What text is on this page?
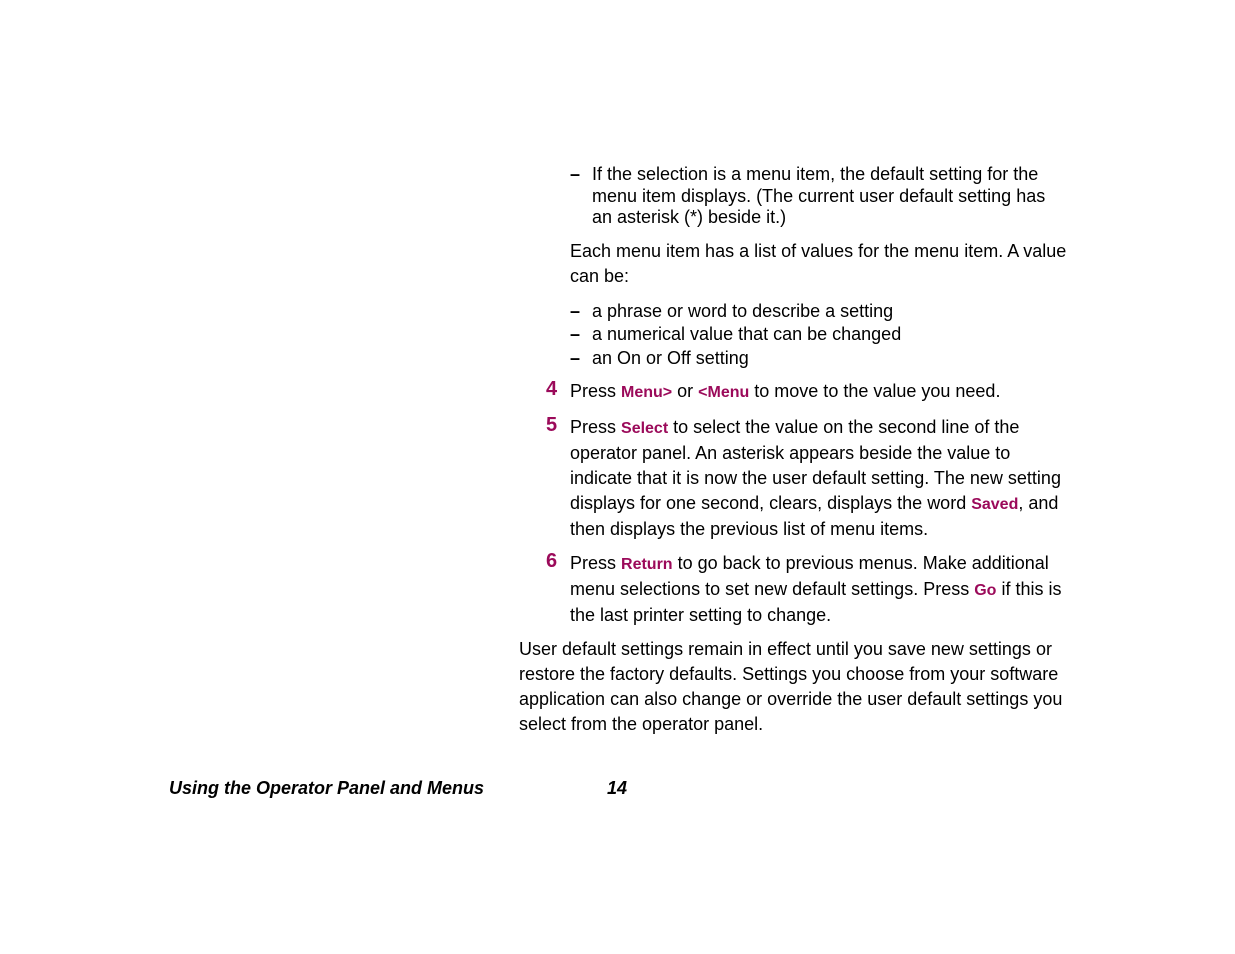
– If the selection is a menu item, the default setting for the
menu item displays. (The current user default setting has
an asterisk (*) beside it.)
Each menu item has a list of values for the menu item. A value
can be:
– a phrase or word to describe a setting
– a numerical value that can be changed
– an On or Off setting
4 Press Menu> or <Menu to move to the value you need.
5 Press Select to select the value on the second line of the
operator panel. An asterisk appears beside the value to
indicate that it is now the user default setting. The new setting
displays for one second, clears, displays the word Saved, and
then displays the previous list of menu items.
6 Press Return to go back to previous menus. Make additional
menu selections to set new default settings. Press Go if this is
the last printer setting to change.
User default settings remain in effect until you save new settings or
restore the factory defaults. Settings you choose from your software
application can also change or override the user default settings you
select from the operator panel.
Using the Operator Panel and Menus	14
